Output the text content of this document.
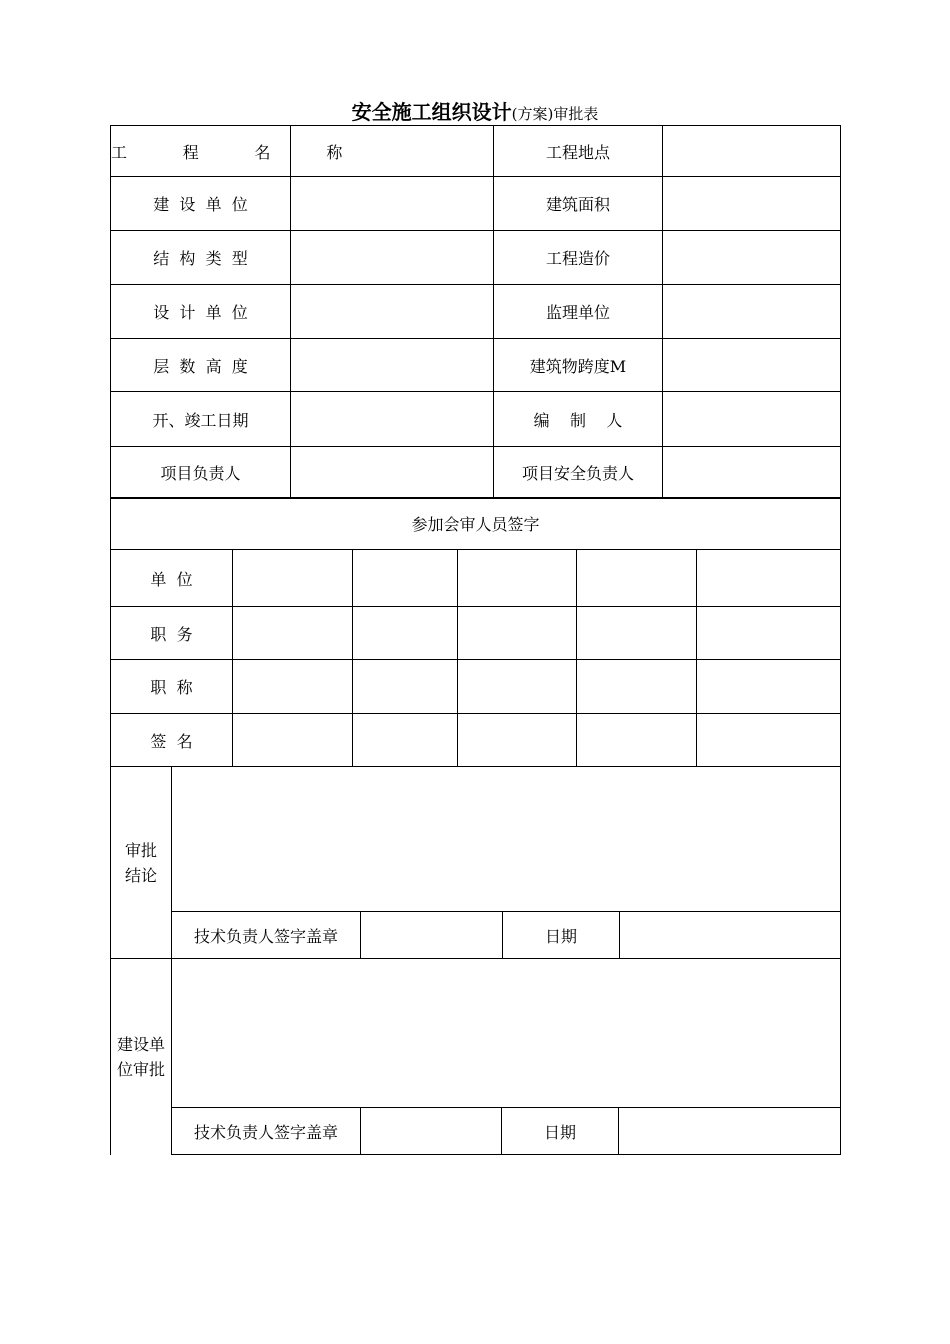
安全施工组织设计(方案)审批表
工  程  名  称		工程地点	
建  设  单  位		建筑面积	
结  构  类  型		工程造价	
设  计  单  位		监理单位	
层  数  高  度		建筑物跨度M	
开、竣工日期		编    制    人	
项目负责人		项目安全负责人	
参加会审人员签字					
单  位					
职  务					
职  称					
签  名					
审批
结论				
	技术负责人签字盖章		日期	
建设单
位审批				
	技术负责人签字盖章		日期	
